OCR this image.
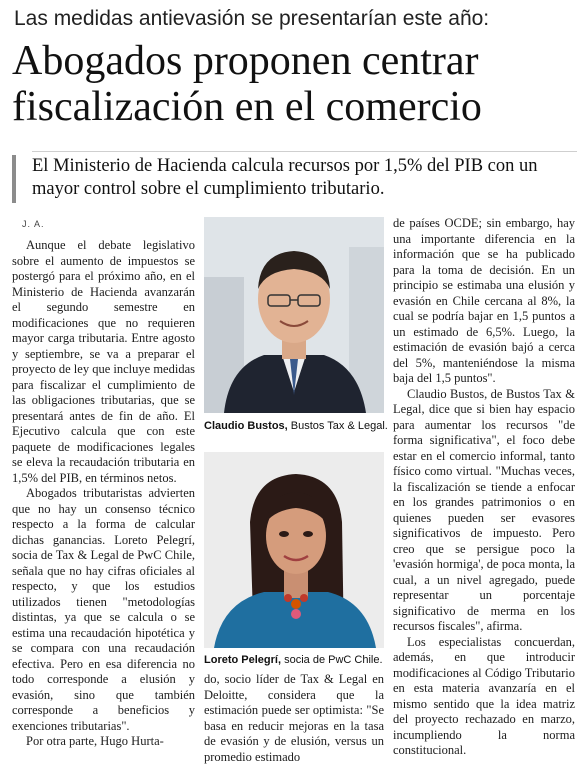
Las medidas antievasión se presentarían este año:
Abogados proponen centrar fiscalización en el comercio
El Ministerio de Hacienda calcula recursos por 1,5% del PIB con un mayor control sobre el cumplimiento tributario.
J. A.

Aunque el debate legislativo sobre el aumento de impuestos se postergó para el próximo año, en el Ministerio de Hacienda avanzarán el segundo semestre en modificaciones que no requieren mayor carga tributaria. Entre agosto y septiembre, se va a preparar el proyecto de ley que incluye medidas para fiscalizar el cumplimiento de las obligaciones tributarias, que se presentará antes de fin de año. El Ejecutivo calcula que con este paquete de modificaciones legales se eleva la recaudación tributaria en 1,5% del PIB, en términos netos.

Abogados tributaristas advierten que no hay un consenso técnico respecto a la forma de calcular dichas ganancias. Loreto Pelegrí, socia de Tax & Legal de PwC Chile, señala que no hay cifras oficiales al respecto, y que los estudios utilizados tienen "metodologías distintas, ya que se calcula o se estima una recaudación hipotética y se compara con una recaudación efectiva. Pero en esa diferencia no todo corresponde a elusión y evasión, sino que también corresponde a beneficios y exenciones tributarias".

Por otra parte, Hugo Hurta-

Claudio Bustos, Bustos Tax & Legal.
Loreto Pelegrí, socia de PwC Chile.

do, socio líder de Tax & Legal en Deloitte, considera que la estimación puede ser optimista: "Se basa en reducir mejoras en la tasa de evasión y de elusión, versus un promedio estimado

de países OCDE; sin embargo, hay una importante diferencia en la información que se ha publicado para la toma de decisión. En un principio se estimaba una elusión y evasión en Chile cercana al 8%, la cual se podría bajar en 1,5 puntos a un estimado de 6,5%. Luego, la estimación de evasión bajó a cerca del 5%, manteniéndose la misma baja del 1,5 puntos".

Claudio Bustos, de Bustos Tax & Legal, dice que si bien hay espacio para aumentar los recursos "de forma significativa", el foco debe estar en el comercio informal, tanto físico como virtual. "Muchas veces, la fiscalización se tiende a enfocar en los grandes patrimonios o en quienes pueden ser evasores significativos de impuesto. Pero creo que se persigue poco la 'evasión hormiga', de poca monta, la cual, a un nivel agregado, puede representar un porcentaje significativo de merma en los recursos fiscales", afirma.

Los especialistas concuerdan, además, en que introducir modificaciones al Código Tributario en esta materia avanzaría en el mismo sentido que la idea matriz del proyecto rechazado en marzo, incumpliendo la norma constitucional.
